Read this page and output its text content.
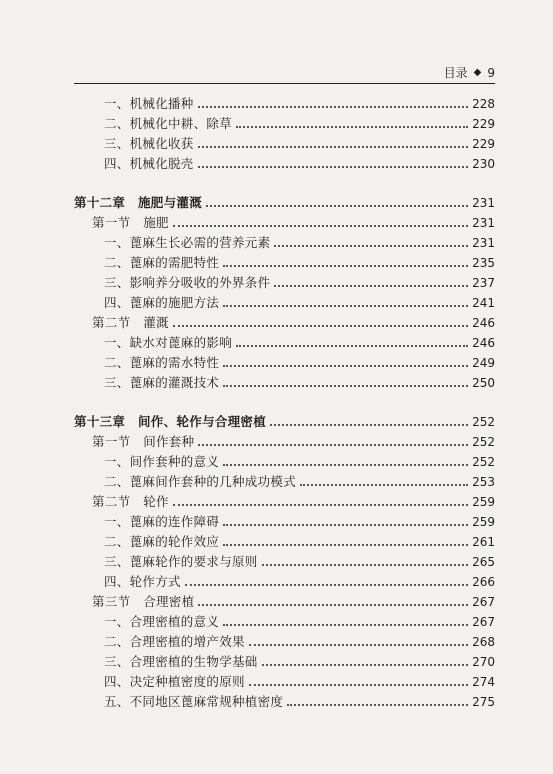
目录 ◆ 9
一、机械化播种	228
二、机械化中耕、除草	229
三、机械化收获	229
四、机械化脱壳	230
第十二章　施肥与灌溉	231
第一节　施肥	231
一、蓖麻生长必需的营养元素	231
二、蓖麻的需肥特性	235
三、影响养分吸收的外界条件	237
四、蓖麻的施肥方法	241
第二节　灌溉	246
一、缺水对蓖麻的影响	246
二、蓖麻的需水特性	249
三、蓖麻的灌溉技术	250
第十三章　间作、轮作与合理密植	252
第一节　间作套种	252
一、间作套种的意义	252
二、蓖麻间作套种的几种成功模式	253
第二节　轮作	259
一、蓖麻的连作障碍	259
二、蓖麻的轮作效应	261
三、蓖麻轮作的要求与原则	265
四、轮作方式	266
第三节　合理密植	267
一、合理密植的意义	267
二、合理密植的增产效果	268
三、合理密植的生物学基础	270
四、决定种植密度的原则	274
五、不同地区蓖麻常规种植密度	275
